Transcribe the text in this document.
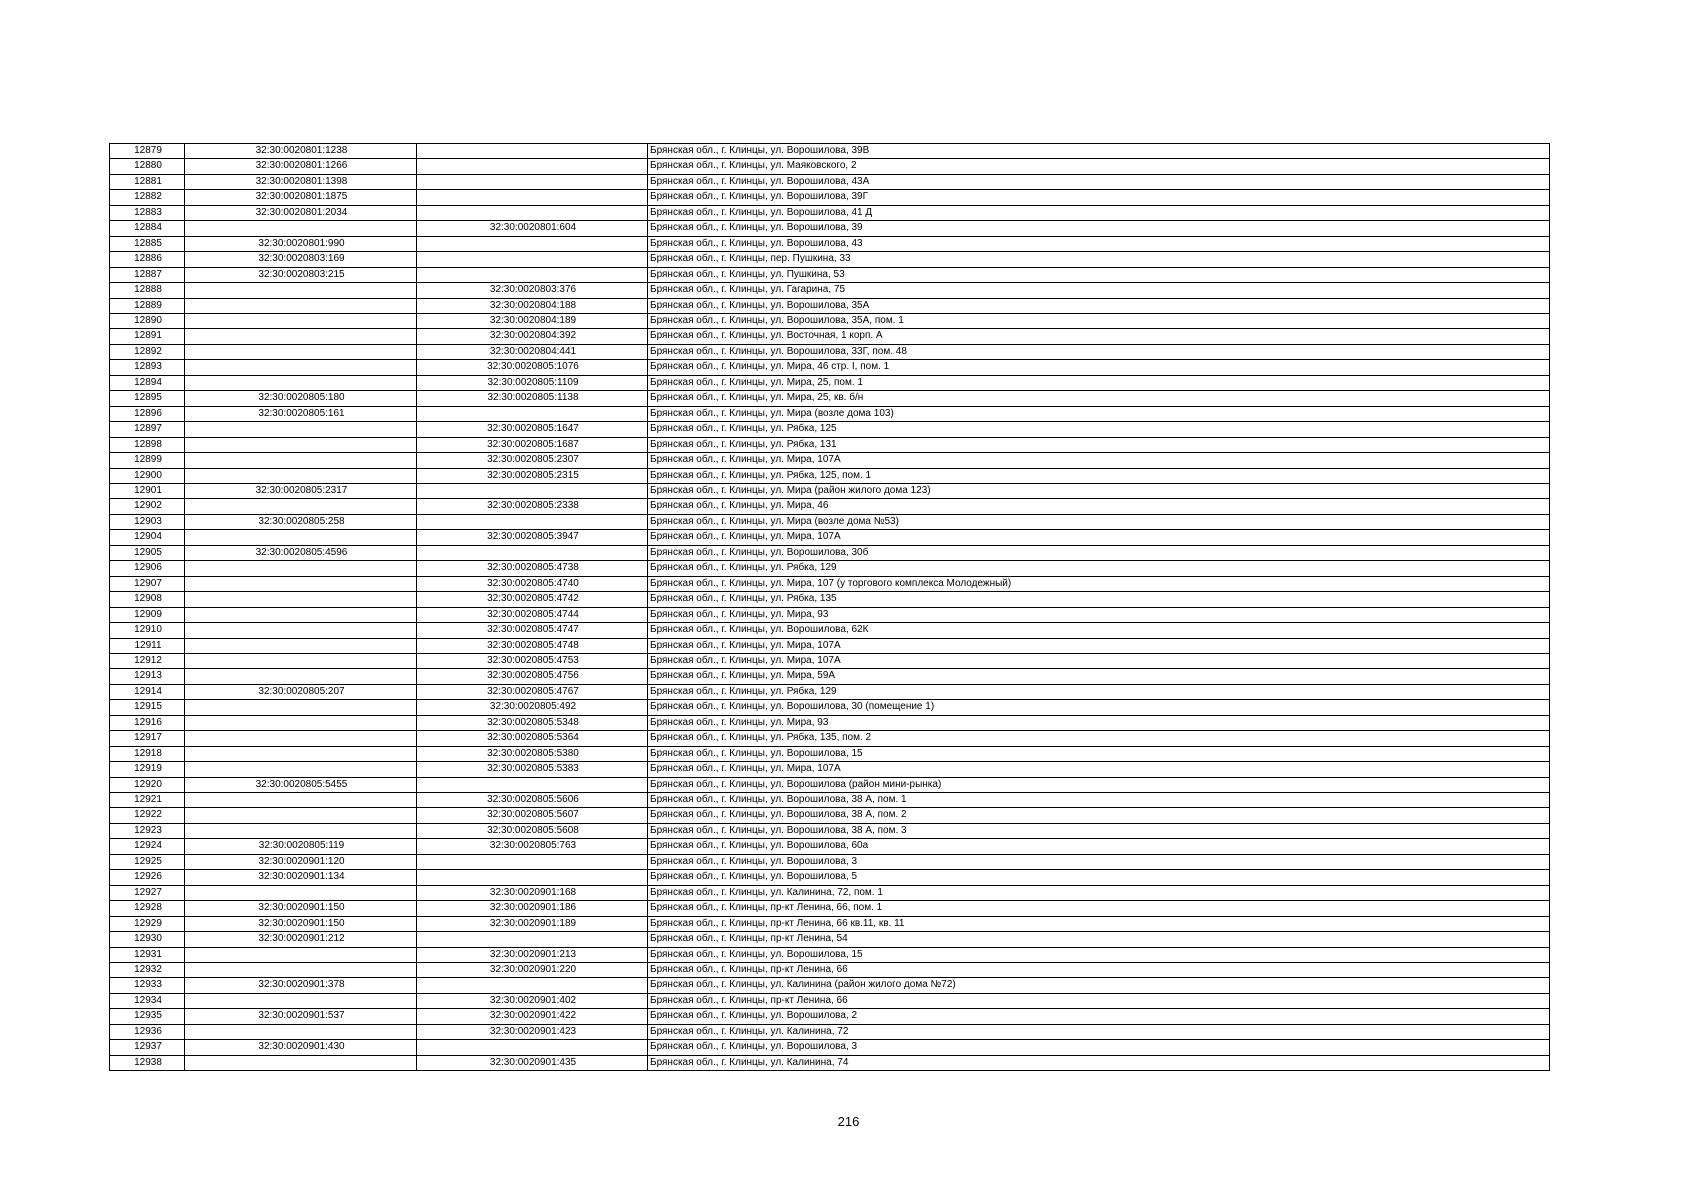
12879	32:30:0020801:1238		Брянская обл., г. Клинцы, ул. Ворошилова, 39В
12880	32:30:0020801:1266		Брянская обл., г. Клинцы, ул. Маяковского, 2
12881	32:30:0020801:1398		Брянская обл., г. Клинцы, ул. Ворошилова, 43А
12882	32:30:0020801:1875		Брянская обл., г. Клинцы, ул. Ворошилова, 39Г
12883	32:30:0020801:2034		Брянская обл., г. Клинцы, ул. Ворошилова, 41 Д
12884		32:30:0020801:604	Брянская обл., г. Клинцы, ул. Ворошилова, 39
12885	32:30:0020801:990		Брянская обл., г. Клинцы, ул. Ворошилова, 43
12886	32:30:0020803:169		Брянская обл., г. Клинцы, пер. Пушкина, 33
12887	32:30:0020803:215		Брянская обл., г. Клинцы, ул. Пушкина, 53
12888		32:30:0020803:376	Брянская обл., г. Клинцы, ул. Гагарина, 75
12889		32:30:0020804:188	Брянская обл., г. Клинцы, ул. Ворошилова, 35А
12890		32:30:0020804:189	Брянская обл., г. Клинцы, ул. Ворошилова, 35А, пом. 1
12891		32:30:0020804:392	Брянская обл., г. Клинцы, ул. Восточная, 1 корп. А
12892		32:30:0020804:441	Брянская обл., г. Клинцы, ул. Ворошилова, 33Г, пом. 48
12893		32:30:0020805:1076	Брянская обл., г. Клинцы, ул. Мира, 46 стр. I, пом. 1
12894		32:30:0020805:1109	Брянская обл., г. Клинцы, ул. Мира, 25, пом. 1
12895	32:30:0020805:180	32:30:0020805:1138	Брянская обл., г. Клинцы, ул. Мира, 25, кв. б/н
12896	32:30:0020805:161		Брянская обл., г. Клинцы, ул. Мира (возле дома 103)
12897		32:30:0020805:1647	Брянская обл., г. Клинцы, ул. Рябка, 125
12898		32:30:0020805:1687	Брянская обл., г. Клинцы, ул. Рябка, 131
12899		32:30:0020805:2307	Брянская обл., г. Клинцы, ул. Мира, 107А
12900		32:30:0020805:2315	Брянская обл., г. Клинцы, ул. Рябка, 125, пом. 1
12901	32:30:0020805:2317		Брянская обл., г. Клинцы, ул. Мира (район жилого дома 123)
12902		32:30:0020805:2338	Брянская обл., г. Клинцы, ул. Мира, 46
12903	32:30:0020805:258		Брянская обл., г. Клинцы, ул. Мира (возле дома №53)
12904		32:30:0020805:3947	Брянская обл., г. Клинцы, ул. Мира, 107А
12905	32:30:0020805:4596		Брянская обл., г. Клинцы, ул. Ворошилова, 30б
12906		32:30:0020805:4738	Брянская обл., г. Клинцы, ул. Рябка, 129
12907		32:30:0020805:4740	Брянская обл., г. Клинцы, ул. Мира, 107 (у торгового комплекса Молодежный)
12908		32:30:0020805:4742	Брянская обл., г. Клинцы, ул. Рябка, 135
12909		32:30:0020805:4744	Брянская обл., г. Клинцы, ул. Мира, 93
12910		32:30:0020805:4747	Брянская обл., г. Клинцы, ул. Ворошилова, 62К
12911		32:30:0020805:4748	Брянская обл., г. Клинцы, ул. Мира, 107А
12912		32:30:0020805:4753	Брянская обл., г. Клинцы, ул. Мира, 107А
12913		32:30:0020805:4756	Брянская обл., г. Клинцы, ул. Мира, 59А
12914	32:30:0020805:207	32:30:0020805:4767	Брянская обл., г. Клинцы, ул. Рябка, 129
12915		32:30:0020805:492	Брянская обл., г. Клинцы, ул. Ворошилова, 30 (помещение 1)
12916		32:30:0020805:5348	Брянская обл., г. Клинцы, ул. Мира, 93
12917		32:30:0020805:5364	Брянская обл., г. Клинцы, ул. Рябка, 135, пом. 2
12918		32:30:0020805:5380	Брянская обл., г. Клинцы, ул. Ворошилова, 15
12919		32:30:0020805:5383	Брянская обл., г. Клинцы, ул. Мира, 107А
12920	32:30:0020805:5455		Брянская обл., г. Клинцы, ул. Ворошилова (район мини-рынка)
12921		32:30:0020805:5606	Брянская обл., г. Клинцы, ул. Ворошилова, 38 А, пом. 1
12922		32:30:0020805:5607	Брянская обл., г. Клинцы, ул. Ворошилова, 38 А, пом. 2
12923		32:30:0020805:5608	Брянская обл., г. Клинцы, ул. Ворошилова, 38 А, пом. 3
12924	32:30:0020805:119	32:30:0020805:763	Брянская обл., г. Клинцы, ул. Ворошилова, 60а
12925	32:30:0020901:120		Брянская обл., г. Клинцы, ул. Ворошилова, 3
12926	32:30:0020901:134		Брянская обл., г. Клинцы, ул. Ворошилова, 5
12927		32:30:0020901:168	Брянская обл., г. Клинцы, ул. Калинина, 72, пом. 1
12928	32:30:0020901:150	32:30:0020901:186	Брянская обл., г. Клинцы, пр-кт Ленина, 66, пом. 1
12929	32:30:0020901:150	32:30:0020901:189	Брянская обл., г. Клинцы, пр-кт Ленина, 66 кв.11, кв. 11
12930	32:30:0020901:212		Брянская обл., г. Клинцы, пр-кт Ленина, 54
12931		32:30:0020901:213	Брянская обл., г. Клинцы, ул. Ворошилова, 15
12932		32:30:0020901:220	Брянская обл., г. Клинцы, пр-кт Ленина, 66
12933	32:30:0020901:378		Брянская обл., г. Клинцы, ул. Калинина (район жилого дома №72)
12934		32:30:0020901:402	Брянская обл., г. Клинцы, пр-кт Ленина, 66
12935	32:30:0020901:537	32:30:0020901:422	Брянская обл., г. Клинцы, ул. Ворошилова, 2
12936		32:30:0020901:423	Брянская обл., г. Клинцы, ул. Калинина, 72
12937	32:30:0020901:430		Брянская обл., г. Клинцы, ул. Ворошилова, 3
12938		32:30:0020901:435	Брянская обл., г. Клинцы, ул. Калинина, 74
216
